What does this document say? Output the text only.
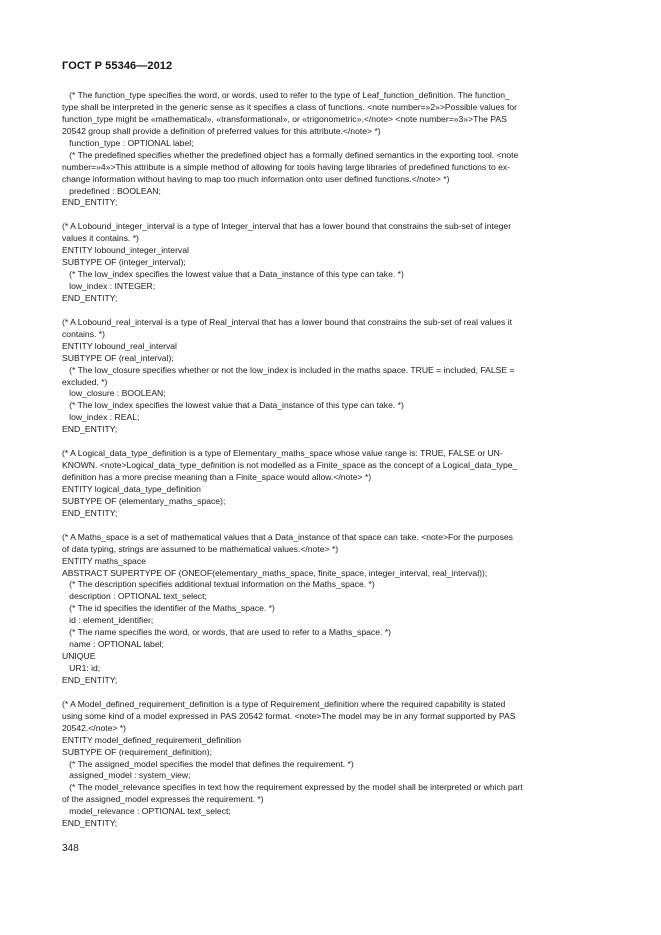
ГОСТ Р 55346—2012
(* The function_type specifies the word, or words, used to refer to the type of Leaf_function_definition. The function_
type shall be interpreted in the generic sense as it specifies a class of functions. <note number=»2»>Possible values for
function_type might be «mathematical», «transformational», or «trigonometric».</note> <note number=»3»>The PAS
20542 group shall provide a definition of preferred values for this attribute.</note> *)
function_type : OPTIONAL label;
(* The predefined specifies whether the predefined object has a formally defined semantics in the exporting tool. <note
number=»4»>This attribute is a simple method of allowing for tools having large libraries of predefined functions to ex-
change information without having to map too much information onto user defined functions.</note> *)
predefined : BOOLEAN;
END_ENTITY;
(* A Lobound_integer_interval is a type of Integer_interval that has a lower bound that constrains the sub-set of integer
values it contains. *)
ENTITY lobound_integer_interval
SUBTYPE OF (integer_interval);
(* The low_index specifies the lowest value that a Data_instance of this type can take. *)
low_index : INTEGER;
END_ENTITY;
(* A Lobound_real_interval is a type of Real_interval that has a lower bound that constrains the sub-set of real values it
contains. *)
ENTITY lobound_real_interval
SUBTYPE OF (real_interval);
(* The low_closure specifies whether or not the low_index is included in the maths space. TRUE = included, FALSE =
excluded. *)
low_closure : BOOLEAN;
(* The low_index specifies the lowest value that a Data_instance of this type can take. *)
low_index : REAL;
END_ENTITY;
(* A Logical_data_type_definition is a type of Elementary_maths_space whose value range is: TRUE, FALSE or UN-
KNOWN. <note>Logical_data_type_definition is not modelled as a Finite_space as the concept of a Logical_data_type_
definition has a more precise meaning than a Finite_space would allow.</note> *)
ENTITY logical_data_type_definition
SUBTYPE OF (elementary_maths_space);
END_ENTITY;
(* A Maths_space is a set of mathematical values that a Data_instance of that space can take. <note>For the purposes
of data typing, strings are assumed to be mathematical values.</note> *)
ENTITY maths_space
ABSTRACT SUPERTYPE OF (ONEOF(elementary_maths_space, finite_space, integer_interval, real_interval));
(* The description specifies additional textual information on the Maths_space. *)
description : OPTIONAL text_select;
(* The id specifies the identifier of the Maths_space. *)
id : element_identifier;
(* The name specifies the word, or words, that are used to refer to a Maths_space. *)
name : OPTIONAL label;
UNIQUE
UR1: id;
END_ENTITY;
(* A Model_defined_requirement_definition is a type of Requirement_definition where the required capability is stated
using some kind of a model expressed in PAS 20542 format. <note>The model may be in any format supported by PAS
20542.</note> *)
ENTITY model_defined_requirement_definition
SUBTYPE OF (requirement_definition);
(* The assigned_model specifies the model that defines the requirement. *)
assigned_model : system_view;
(* The model_relevance specifies in text how the requirement expressed by the model shall be interpreted or which part
of the assigned_model expresses the requirement. *)
model_relevance : OPTIONAL text_select;
END_ENTITY;
348
